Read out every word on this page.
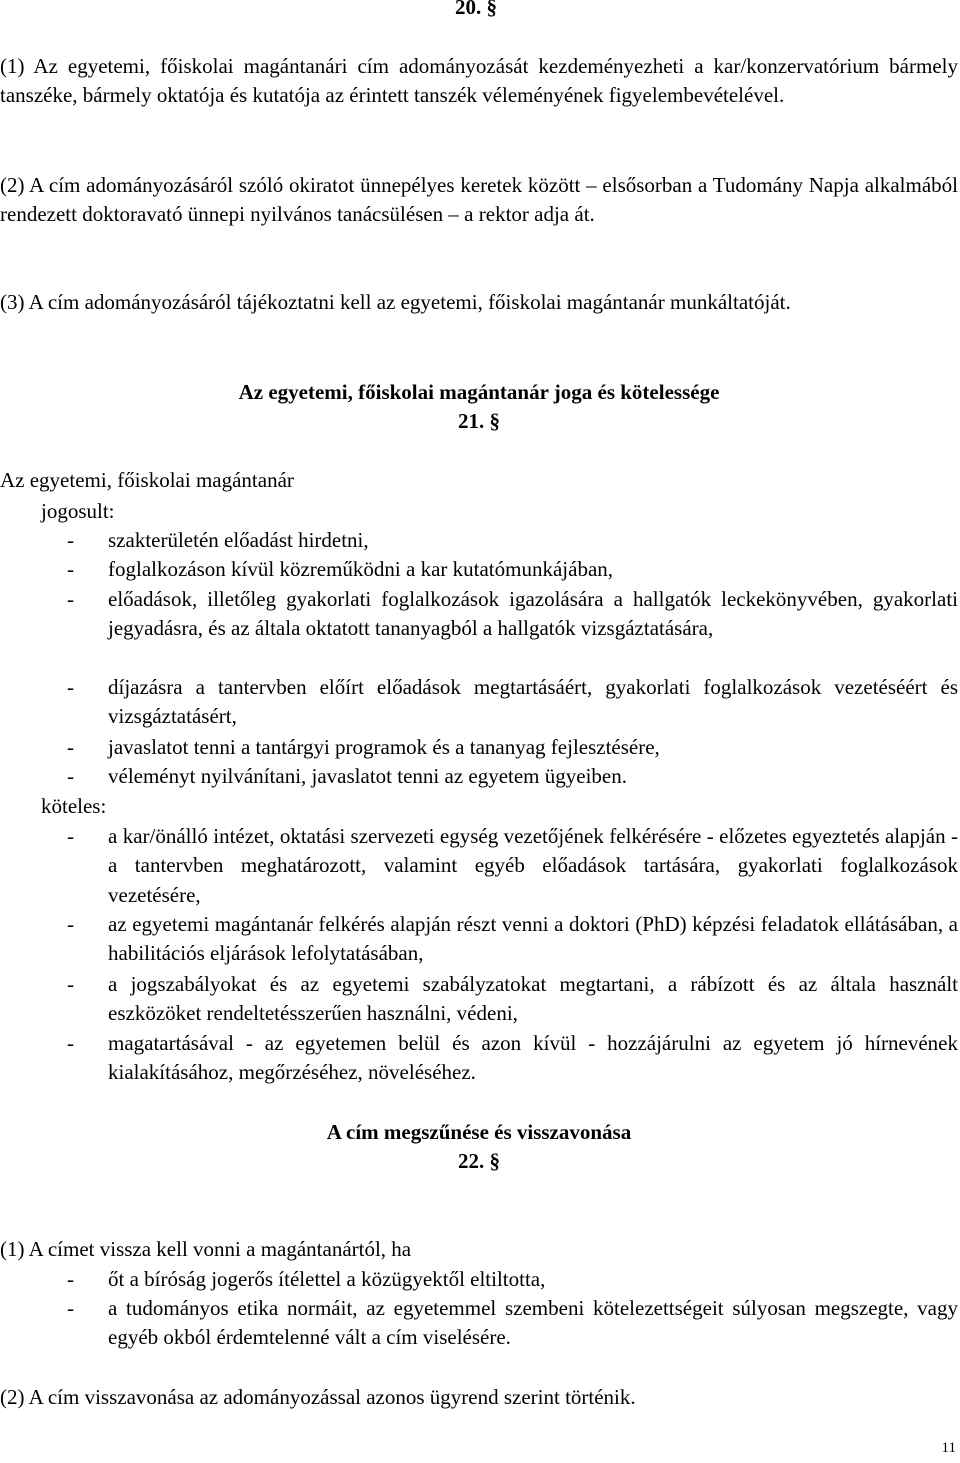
20. §

(1) Az egyetemi, főiskolai magántanári cím adományozását kezdeményezheti a kar/konzervatórium bármely tanszéke, bármely oktatója és kutatója az érintett tanszék véleményének figyelembevételével.

(2) A cím adományozásáról szóló okiratot ünnepélyes keretek között – elsősorban a Tudomány Napja alkalmából rendezett doktoravató ünnepi nyilvános tanácsülésen – a rektor adja át.

(3) A cím adományozásáról tájékoztatni kell az egyetemi, főiskolai magántanár munkáltatóját.

Az egyetemi, főiskolai magántanár joga és kötelessége
21. §
Az egyetemi, főiskolai magántanár
jogosult:
- szakterületén előadást hirdetni,
- foglalkozáson kívül közreműködni a kar kutatómunkájában,
- előadások, illetőleg gyakorlati foglalkozások igazolására a hallgatók leckekönyvében, gyakorlati jegyadásra, és az általa oktatott tananyagból a hallgatók vizsgáztatására,
- díjazásra a tantervben előírt előadások megtartásáért, gyakorlati foglalkozások vezetéséért és vizsgáztatásért,
- javaslatot tenni a tantárgyi programok és a tananyag fejlesztésére,
- véleményt nyilvánítani, javaslatot tenni az egyetem ügyeiben.
köteles:
- a kar/önálló intézet, oktatási szervezeti egység vezetőjének felkérésére - előzetes egyeztetés alapján - a tantervben meghatározott, valamint egyéb előadások tartására, gyakorlati foglalkozások vezetésére,
- az egyetemi magántanár felkérés alapján részt venni a doktori (PhD) képzési feladatok ellátásában, a habilitációs eljárások lefolytatásában,
- a jogszabályokat és az egyetemi szabályzatokat megtartani, a rábízott és az általa használt eszközöket rendeltetésszerűen használni, védeni,
- magatartásával - az egyetemen belül és azon kívül - hozzájárulni az egyetem jó hírnevének kialakításához, megőrzéséhez, növeléséhez.
A cím megszűnése és visszavonása
22. §
(1) A címet vissza kell vonni a magántanártól, ha
- őt a bíróság jogerős ítélettel a közügyektől eltiltotta,
- a tudományos etika normáit, az egyetemmel szembeni kötelezettségeit súlyosan megszegte, vagy egyéb okból érdemtelenné vált a cím viselésére.
(2) A cím visszavonása az adományozással azonos ügyrend szerint történik.
11
